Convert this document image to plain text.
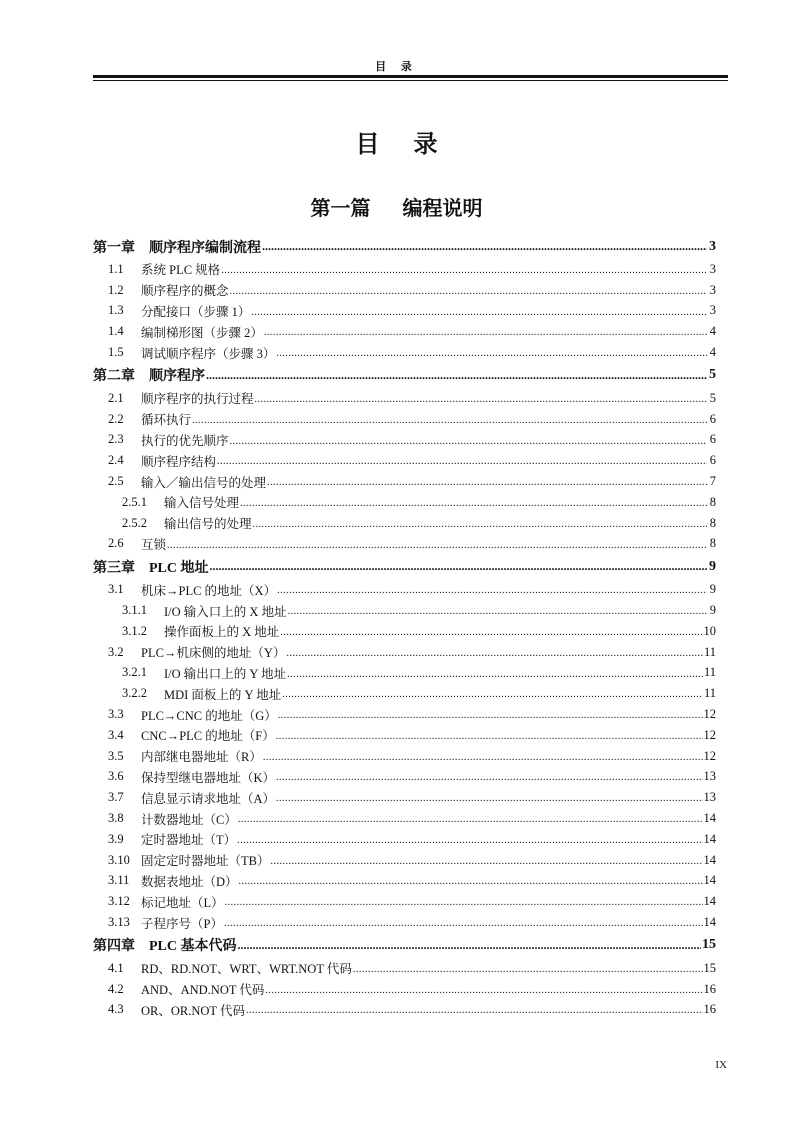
目 录
目 录
第一篇 编程说明
第一章 顺序程序编制流程 .....	3
1.1	系统 PLC 规格 .....	3
1.2	顺序程序的概念 .....	3
1.3	分配接口（步骤 1） .....	3
1.4	编制梯形图（步骤 2） .....	4
1.5	调试顺序程序（步骤 3） .....	4
第二章 顺序程序 .....	5
2.1	顺序程序的执行过程 .....	5
2.2	循环执行 .....	6
2.3	执行的优先顺序 .....	6
2.4	顺序程序结构 .....	6
2.5	输入／输出信号的处理 .....	7
2.5.1	输入信号处理 .....	8
2.5.2	输出信号的处理 .....	8
2.6	互锁 .....	8
第三章 PLC 地址 .....	9
3.1	机床→PLC 的地址（X） .....	9
3.1.1	I/O 输入口上的 X 地址 .....	9
3.1.2	操作面板上的 X 地址 .....	10
3.2	PLC→机床侧的地址（Y） .....	11
3.2.1	I/O 输出口上的 Y 地址 .....	11
3.2.2	MDI 面板上的 Y 地址 .....	11
3.3	PLC→CNC 的地址（G） .....	12
3.4	CNC→PLC 的地址（F） .....	12
3.5	内部继电器地址（R） .....	12
3.6	保持型继电器地址（K） .....	13
3.7	信息显示请求地址（A） .....	13
3.8	计数器地址（C） .....	14
3.9	定时器地址（T） .....	14
3.10 固定定时器地址（TB） .....	14
3.11 数据表地址（D） .....	14
3.12 标记地址（L） .....	14
3.13 子程序号（P） .....	14
第四章 PLC 基本代码 .....	15
4.1	RD、RD.NOT、WRT、WRT.NOT 代码 .....	15
4.2	AND、AND.NOT 代码 .....	16
4.3	OR、OR.NOT 代码 .....	16
IX
